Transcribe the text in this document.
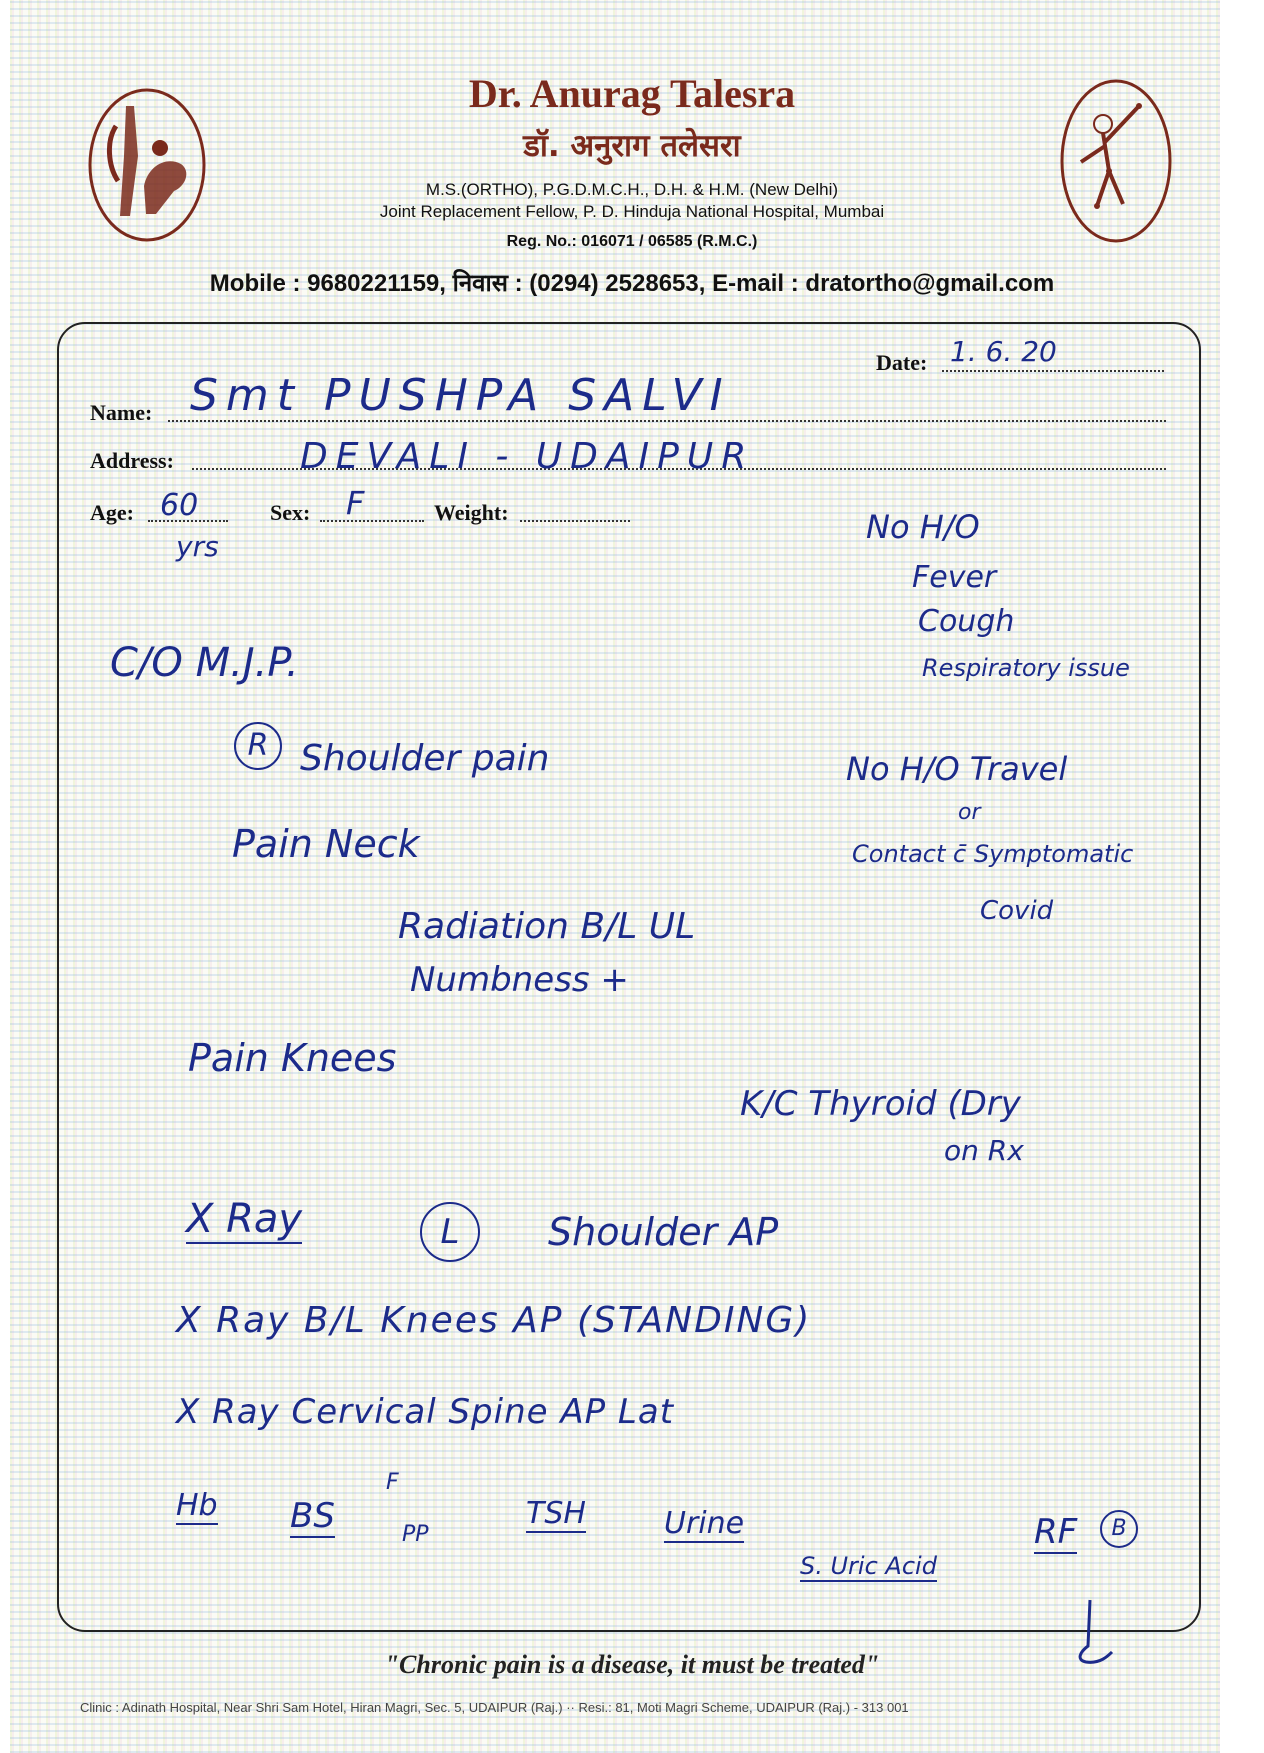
Dr. Anurag Talesra
डॉ. अनुराग तलेसरा
M.S.(ORTHO), P.G.D.M.C.H., D.H. & H.M. (New Delhi)
Joint Replacement Fellow, P. D. Hinduja National Hospital, Mumbai
Reg. No.: 016071 / 06585 (R.M.C.)
Mobile : 9680221159, निवास : (0294) 2528653, E-mail : dratortho@gmail.com
Date: 1. 6. 20
Name: Smt PUSHPA SALVI
Address:	DEVALI - UDAIPUR
Age: 60
yrs
Sex: F	Weight:
C/O M.J.P.
R Shoulder pain
Pain Neck
Radiation B/L UL
Numbness +
Pain Knees
No H/O
Fever
Cough
Respiratory issue
No H/O Travel
or
Contact c̄ Symptomatic
Covid
K/C Thyroid (Dry
on Rx
X Ray	L	Shoulder AP
X Ray B/L Knees AP (STANDING)
X Ray Cervical Spine AP Lat
Hb BS
F
PP
TSH	Urine
S. Uric Acid
RF	B
"Chronic pain is a disease, it must be treated"
Clinic : Adinath Hospital, Near Shri Sam Hotel, Hiran Magri, Sec. 5, UDAIPUR (Raj.) ·· Resi.: 81, Moti Magri Scheme, UDAIPUR (Raj.) - 313 001
